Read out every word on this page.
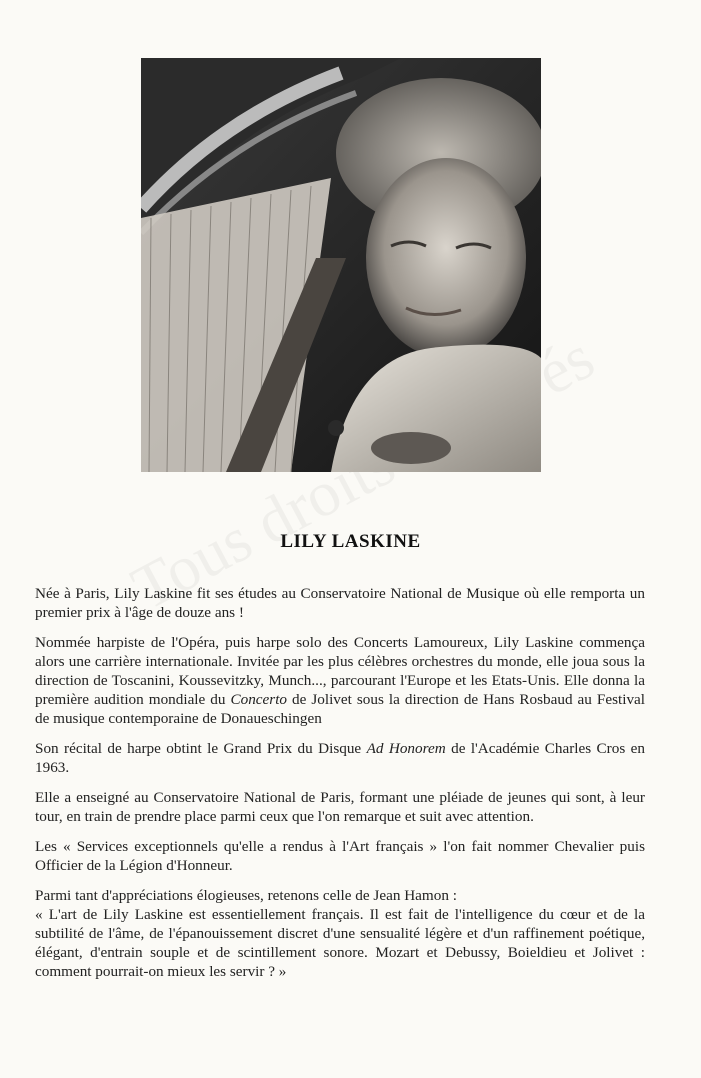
LILY LASKINE

Née à Paris, Lily Laskine fit ses études au Conservatoire National de Musique où elle remporta un premier prix à l'âge de douze ans !

Nommée harpiste de l'Opéra, puis harpe solo des Concerts Lamoureux, Lily Laskine commença alors une carrière internationale. Invitée par les plus célèbres orchestres du monde, elle joua sous la direction de Toscanini, Koussevitzky, Munch..., parcourant l'Europe et les Etats-Unis. Elle donna la première audition mondiale du Concerto de Jolivet sous la direction de Hans Rosbaud au Festival de musique contemporaine de Donaueschingen

Son récital de harpe obtint le Grand Prix du Disque Ad Honorem de l'Académie Charles Cros en 1963.

Elle a enseigné au Conservatoire National de Paris, formant une pléiade de jeunes qui sont, à leur tour, en train de prendre place parmi ceux que l'on remarque et suit avec attention.

Les « Services exceptionnels qu'elle a rendus à l'Art français » l'on fait nommer Chevalier puis Officier de la Légion d'Honneur.

Parmi tant d'appréciations élogieuses, retenons celle de Jean Hamon :
« L'art de Lily Laskine est essentiellement français. Il est fait de l'intelligence du cœur et de la subtilité de l'âme, de l'épanouissement discret d'une sensualité légère et d'un raffinement poétique, élégant, d'entrain souple et de scintillement sonore. Mozart et Debussy, Boieldieu et Jolivet : comment pourrait-on mieux les servir ? »
